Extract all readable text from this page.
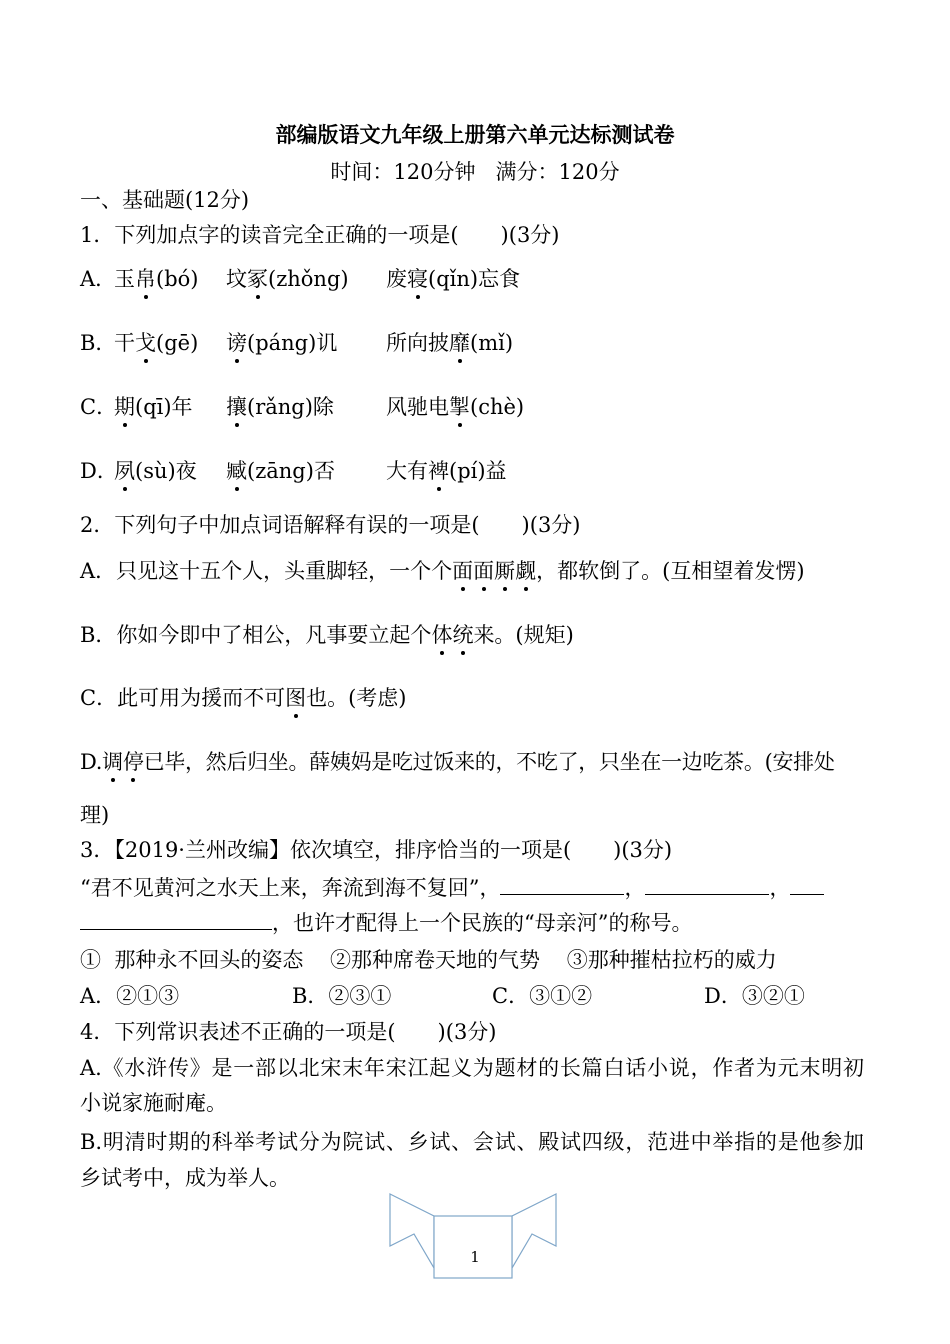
部编版语文九年级上册第六单元达标测试卷
时间：120分钟   满分：120分
一、基础题(12分)
1．下列加点字的读音完全正确的一项是(　　)(3分)
A．
玉帛(bó) 坟冢(zhǒng) 废寝(qǐn)忘食
B．
干戈(gē) 谤(páng)讥 所向披靡(mǐ)
C．
期(qī)年 攘(rǎng)除 风驰电掣(chè)
D．
夙(sù)夜 臧(zāng)否 大有裨(pí)益
2．下列句子中加点词语解释有误的一项是(　　)(3分)
A．只见这十五个人，头重脚轻，一个个面面厮觑，都软倒了。(互相望着发愣)
B．你如今即中了相公，凡事要立起个体统来。(规矩)
C．此可用为援而不可图也。(考虑)
D.调停已毕，然后归坐。薛姨妈是吃过饭来的，不吃了，只坐在一边吃茶。(安排处
理)
3．【2019·兰州改编】依次填空，排序恰当的一项是(　　)(3分)
“君不见黄河之水天上来，奔流到海不复回”，	，	，
，也许才配得上一个民族的“母亲河”的称号。
①  那种永不回头的姿态    ②那种席卷天地的气势    ③那种摧枯拉朽的威力
A．②①③	B．②③①	C．③①②	D．③②①
4．下列常识表述不正确的一项是(　　)(3分)
A.《水浒传》是一部以北宋末年宋江起义为题材的长篇白话小说，作者为元末明初
小说家施耐庵。
B.明清时期的科举考试分为院试、乡试、会试、殿试四级，范进中举指的是他参加
乡试考中，成为举人。
1
